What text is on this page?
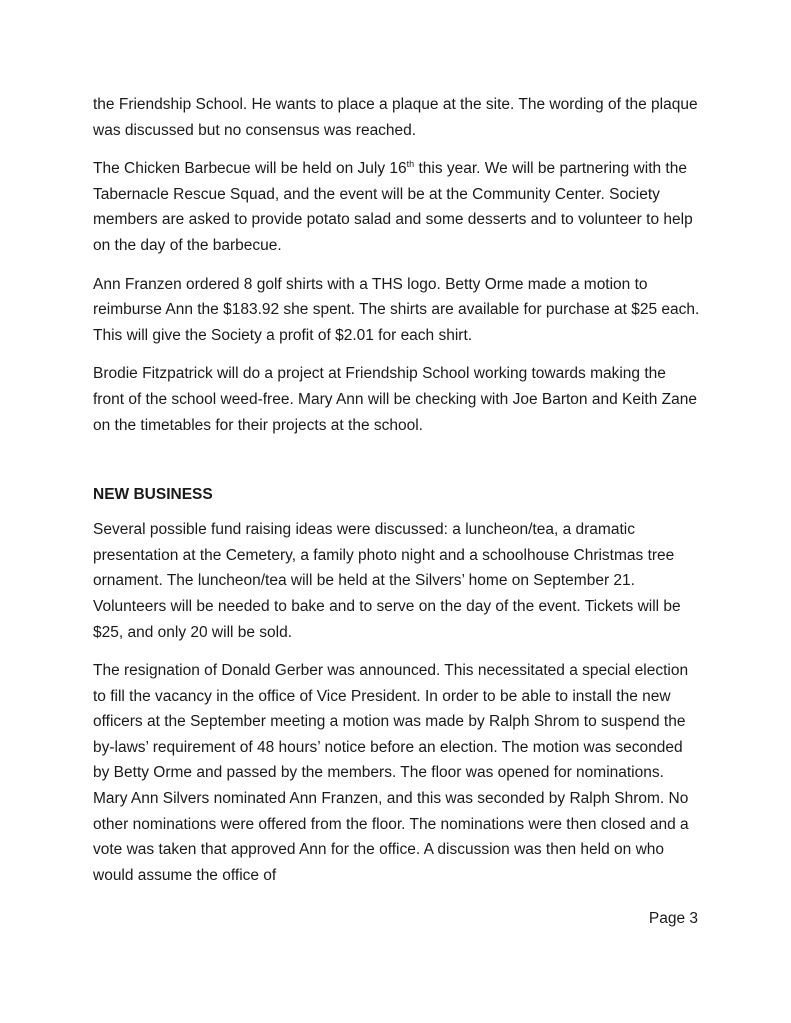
the Friendship School. He wants to place a plaque at the site. The wording of the plaque was discussed but no consensus was reached.

The Chicken Barbecue will be held on July 16th this year. We will be partnering with the Tabernacle Rescue Squad, and the event will be at the Community Center. Society members are asked to provide potato salad and some desserts and to volunteer to help on the day of the barbecue.

Ann Franzen ordered 8 golf shirts with a THS logo. Betty Orme made a motion to reimburse Ann the $183.92 she spent. The shirts are available for purchase at $25 each. This will give the Society a profit of $2.01 for each shirt.

Brodie Fitzpatrick will do a project at Friendship School working towards making the front of the school weed-free. Mary Ann will be checking with Joe Barton and Keith Zane on the timetables for their projects at the school.

NEW BUSINESS

Several possible fund raising ideas were discussed: a luncheon/tea, a dramatic presentation at the Cemetery, a family photo night and a schoolhouse Christmas tree ornament. The luncheon/tea will be held at the Silvers’ home on September 21. Volunteers will be needed to bake and to serve on the day of the event. Tickets will be $25, and only 20 will be sold.

The resignation of Donald Gerber was announced. This necessitated a special election to fill the vacancy in the office of Vice President. In order to be able to install the new officers at the September meeting a motion was made by Ralph Shrom to suspend the by-laws’ requirement of 48 hours’ notice before an election. The motion was seconded by Betty Orme and passed by the members. The floor was opened for nominations. Mary Ann Silvers nominated Ann Franzen, and this was seconded by Ralph Shrom. No other nominations were offered from the floor. The nominations were then closed and a vote was taken that approved Ann for the office. A discussion was then held on who would assume the office of

Page 3
